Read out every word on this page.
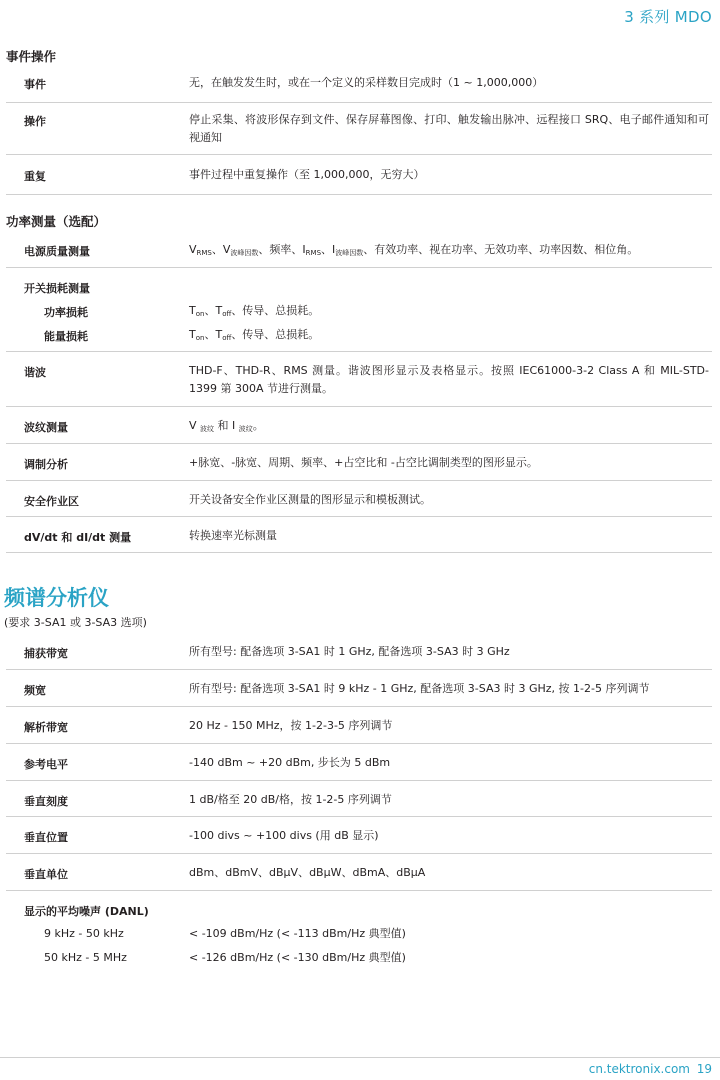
3 系列 MDO
事件操作
事件	无，在触发发生时，或在一个定义的采样数目完成时（1 ~ 1,000,000）
操作	停止采集、将波形保存到文件、保存屏幕图像、打印、触发输出脉冲、远程接口 SRQ、电子邮件通知和可视通知
重复	事件过程中重复操作（至 1,000,000，无穷大）
功率测量（选配）
电源质量测量	$V_{RMS}$、$V_{波峰因数}$、频率、$I_{RMS}$、$I_{波峰因数}$、有效功率、视在功率、无效功率、功率因数、相位角。
开关损耗测量
功率损耗	$T_{on}$、$T_{off}$、传导、总损耗。
能量损耗	$T_{on}$、$T_{off}$、传导、总损耗。
谐波	THD-F、THD-R、RMS 测量。谐波图形显示及表格显示。按照 IEC61000-3-2 Class A 和 MIL-STD-1399 第 300A 节进行测量。
波纹测量	V $_{波纹}$ 和 I $_{波纹}$。
调制分析	+脉宽、-脉宽、周期、频率、+占空比和 -占空比调制类型的图形显示。
安全作业区	开关设备安全作业区测量的图形显示和模板测试。
dV/dt 和 dI/dt 测量	转换速率光标测量
频谱分析仪
(要求 3-SA1 或 3-SA3 选项)
捕获带宽	所有型号: 配备选项 3-SA1 时 1 GHz, 配备选项 3-SA3 时 3 GHz
频宽	所有型号: 配备选项 3-SA1 时 9 kHz - 1 GHz, 配备选项 3-SA3 时 3 GHz, 按 1-2-5 序列调节
解析带宽	20 Hz - 150 MHz，按 1-2-3-5 序列调节
参考电平	-140 dBm ~ +20 dBm, 步长为 5 dBm
垂直刻度	1 dB/格至 20 dB/格，按 1-2-5 序列调节
垂直位置	-100 divs ~ +100 divs (用 dB 显示)
垂直单位	dBm、dBmV、dBµV、dBµW、dBmA、dBµA
显示的平均噪声 (DANL)
9 kHz - 50 kHz	< -109 dBm/Hz (< -113 dBm/Hz 典型值)
50 kHz - 5 MHz	< -126 dBm/Hz (< -130 dBm/Hz 典型值)
cn.tektronix.com 19
